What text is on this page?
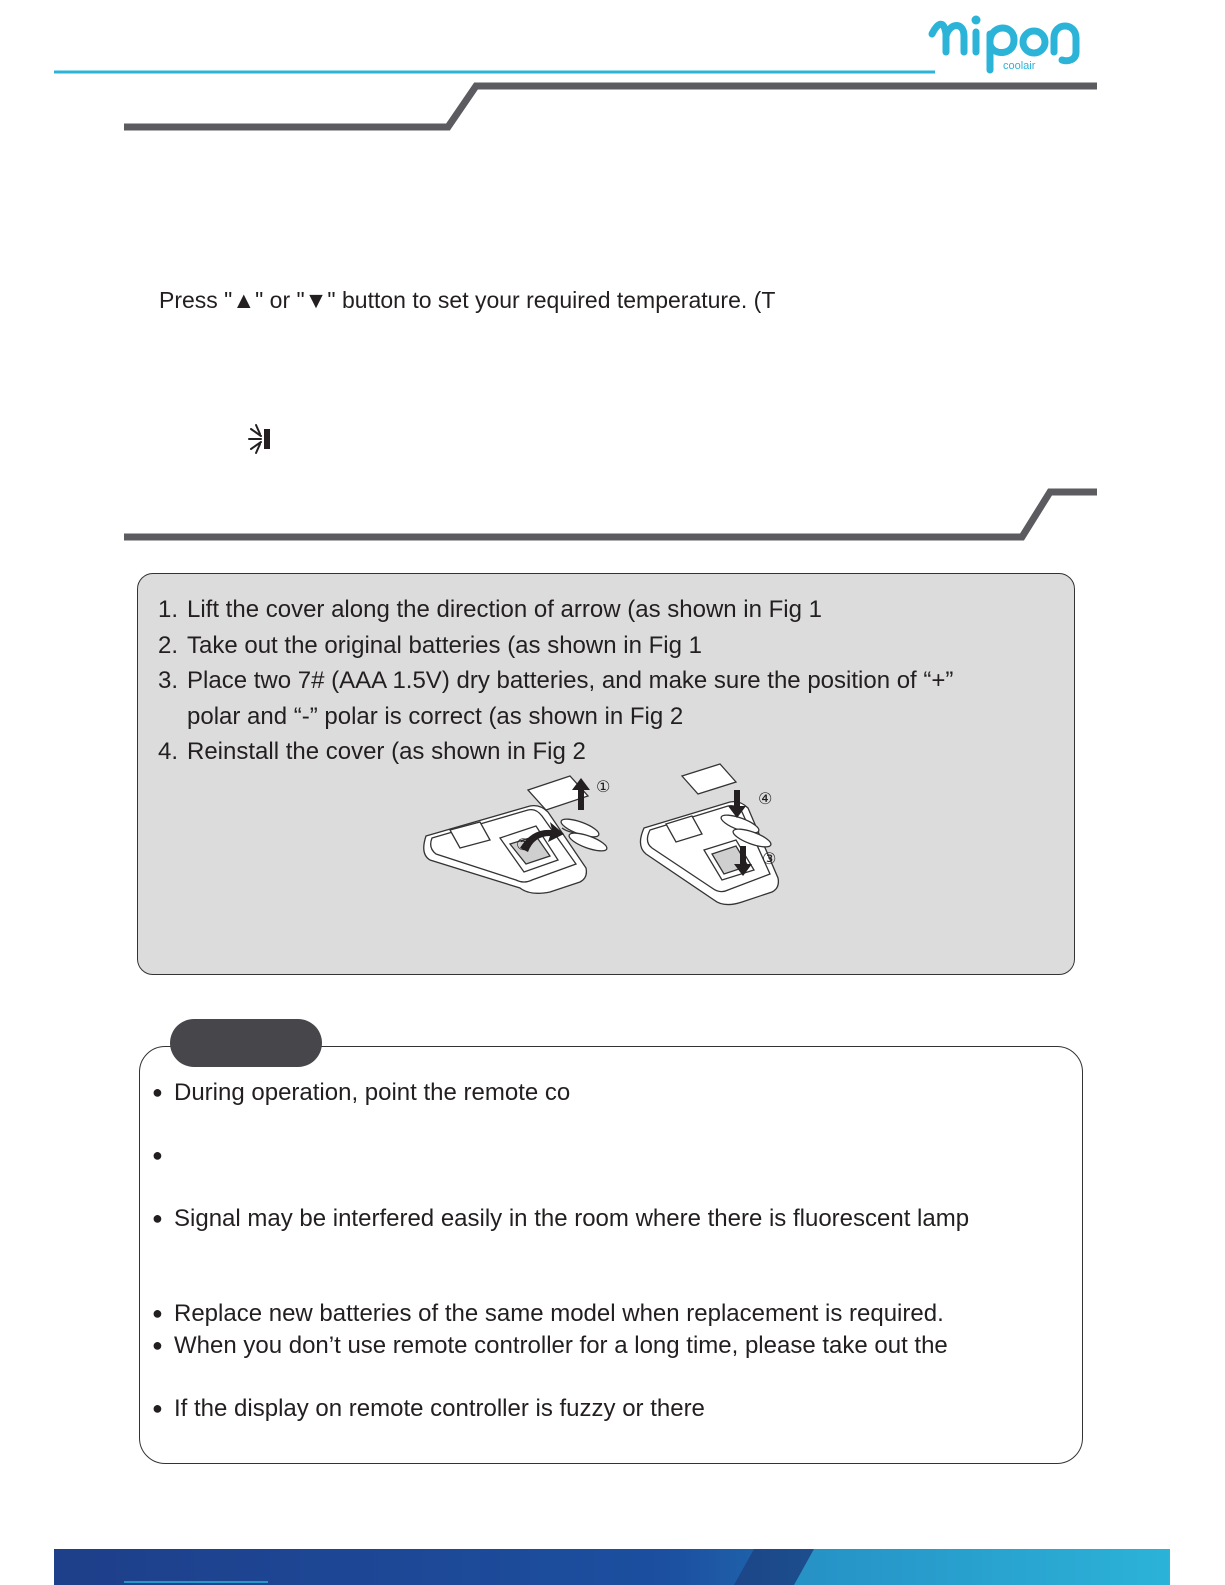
coolair
Press "▲" or "▼" button to set your required temperature. (T
1. Lift the cover along the direction of arrow (as shown in Fig 1
2. Take out the original batteries (as shown in Fig 1
3. Place two 7# (AAA 1.5V) dry batteries, and make sure the position of “+”
polar and “-” polar is correct (as shown in Fig 2
4. Reinstall the cover (as shown in Fig 2
①
②
③
④
● During operation, point the remote co
●
● Signal may be interfered easily in the room where there is fluorescent lamp
● Replace new batteries of the same model when replacement is required.
● When you don’t use remote controller for a long time, please take out the
● If the display on remote controller is fuzzy or there
